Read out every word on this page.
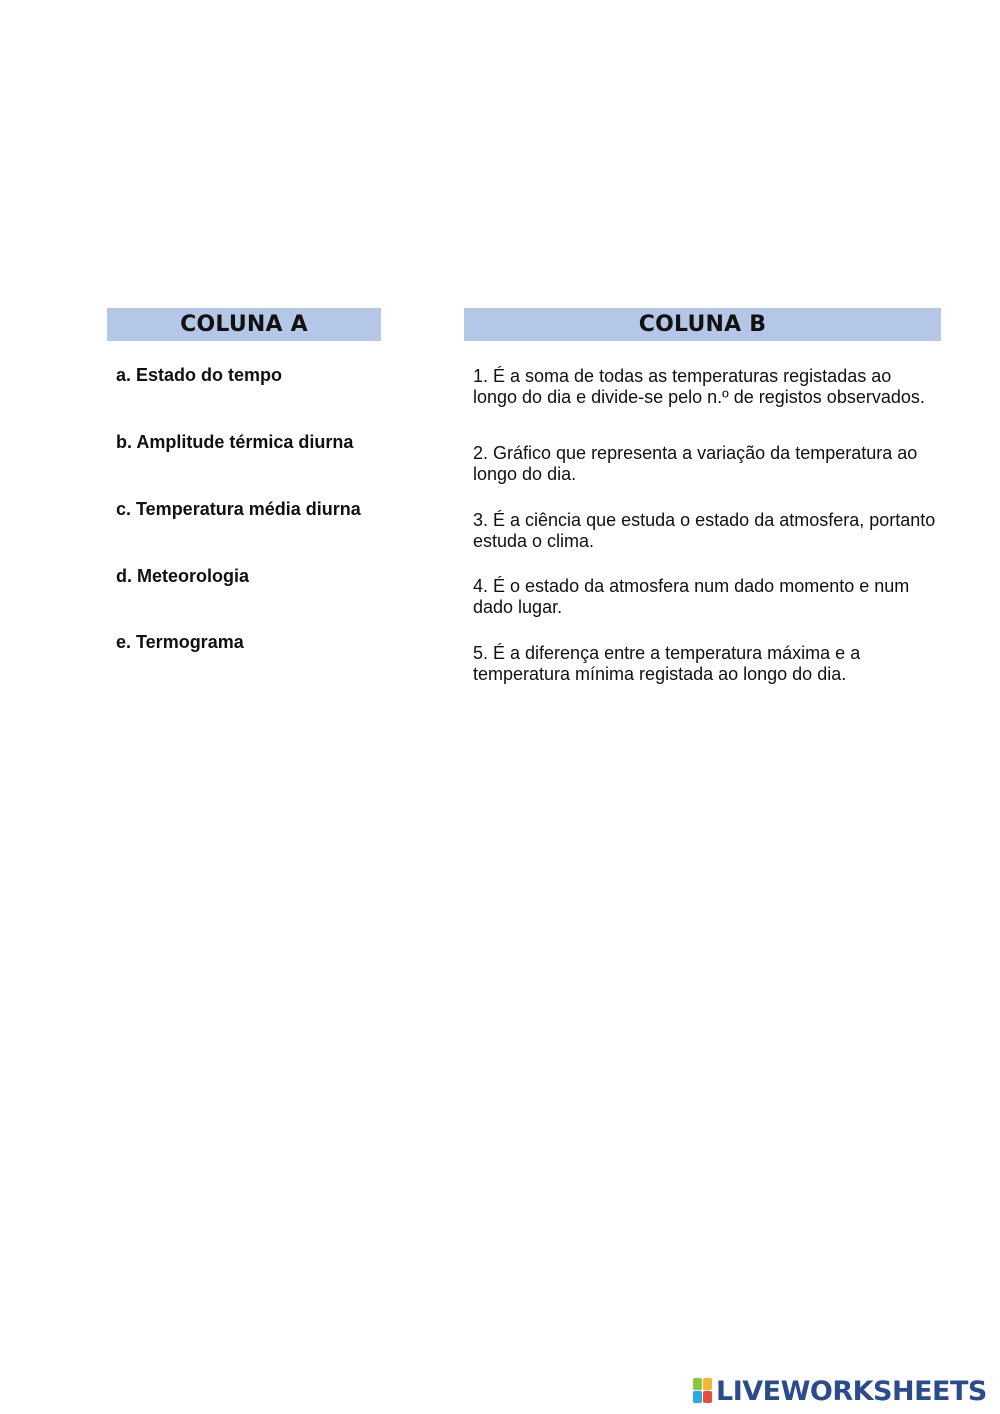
COLUNA A	COLUNA B
a. Estado do tempo
b. Amplitude térmica diurna
c. Temperatura média diurna
d. Meteorologia
e. Termograma
1. É a soma de todas as temperaturas registadas ao longo do dia e divide-se pelo n.º de registos observados.
2. Gráfico que representa a variação da temperatura ao longo do dia.
3. É a ciência que estuda o estado da atmosfera, portanto estuda o clima.
4. É o estado da atmosfera num dado momento e num dado lugar.
5. É a diferença entre a temperatura máxima e a temperatura mínima registada ao longo do dia.
LIVEWORKSHEETS
